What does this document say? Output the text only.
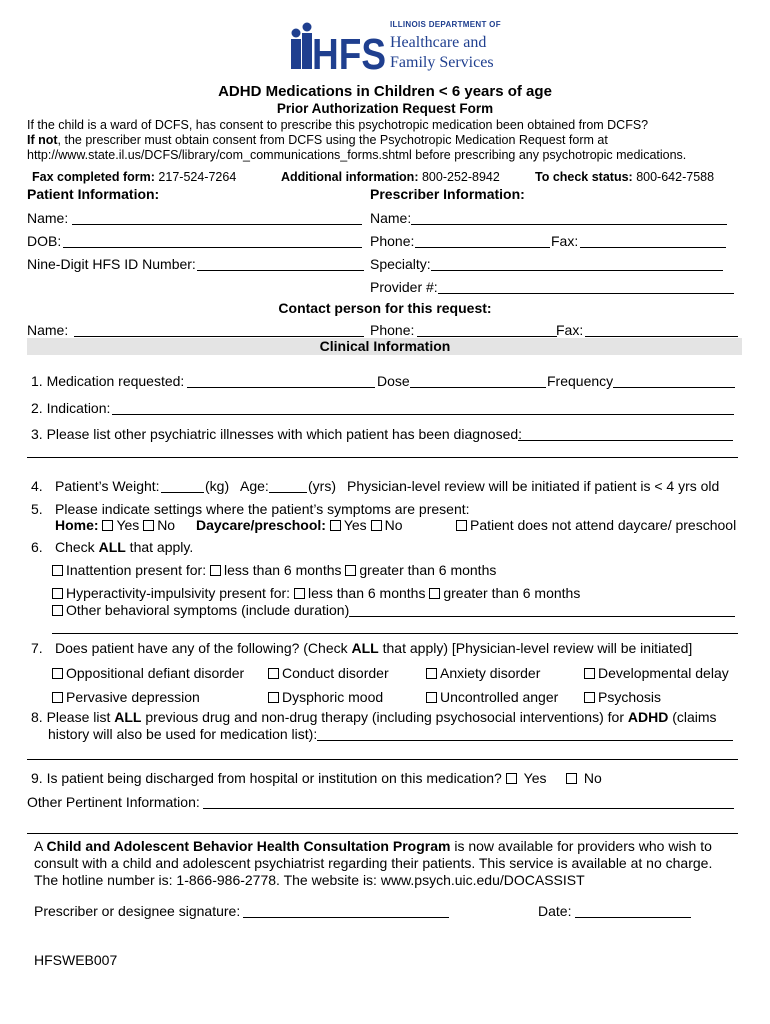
HFS
ILLINOIS DEPARTMENT OF
Healthcare and
Family Services
ADHD Medications in Children < 6 years of age
Prior Authorization Request Form
If the child is a ward of DCFS, has consent to prescribe this psychotropic medication been obtained from DCFS?
If not, the prescriber must obtain consent from DCFS using the Psychotropic Medication Request form at
http://www.state.il.us/DCFS/library/com_communications_forms.shtml before prescribing any psychotropic medications.
Fax completed form: 217-524-7264	Additional information: 800-252-8942	To check status: 800-642-7588
Patient Information:	Prescriber Information:
Name:
DOB:
Nine-Digit HFS ID Number:
Name:
Phone:	Fax:
Specialty:
Provider #:
Contact person for this request:
Name:	Phone:	Fax:
Clinical Information
1. Medication requested:	Dose	Frequency
2. Indication:
3. Please list other psychiatric illnesses with which patient has been diagnosed:
4. Patient’s Weight:	(kg) Age:	(yrs) Physician-level review will be initiated if patient is < 4 yrs old
5. Please indicate settings where the patient’s symptoms are present:
Home: Yes No Daycare/preschool: Yes No	Patient does not attend daycare/ preschool
6. Check ALL that apply.
Inattention present for: less than 6 months greater than 6 months
Hyperactivity-impulsivity present for: less than 6 months greater than 6 months
Other behavioral symptoms (include duration)
7. Does patient have any of the following? (Check ALL that apply) [Physician-level review will be initiated]
Oppositional defiant disorder	Conduct disorder	Anxiety disorder	Developmental delay
Pervasive depression	Dysphoric mood	Uncontrolled anger	Psychosis
8. Please list ALL previous drug and non-drug therapy (including psychosocial interventions) for ADHD (claims
history will also be used for medication list):
9. Is patient being discharged from hospital or institution on this medication?	Yes	No
Other Pertinent Information:
A Child and Adolescent Behavior Health Consultation Program is now available for providers who wish to
consult with a child and adolescent psychiatrist regarding their patients. This service is available at no charge.
The hotline number is: 1-866-986-2778. The website is: www.psych.uic.edu/DOCASSIST
Prescriber or designee signature:	Date:
HFSWEB007
